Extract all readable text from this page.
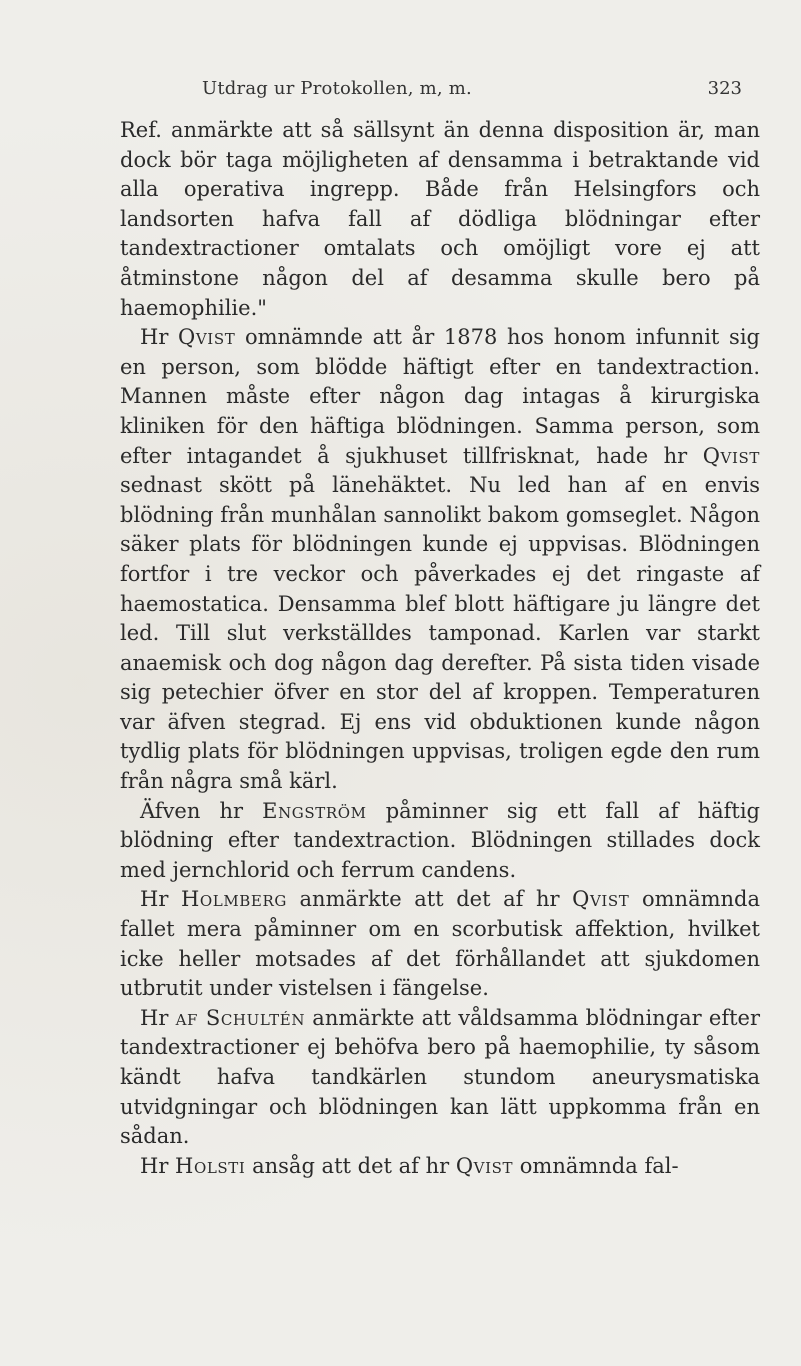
Utdrag ur Protokollen, m, m.	323

Ref. anmärkte att så sällsynt än denna disposition är, man dock bör taga möjligheten af densamma i betraktande vid alla operativa ingrepp. Både från Helsingfors och landsorten hafva fall af dödliga blödningar efter tandextractioner omtalats och omöjligt vore ej att åtminstone någon del af desamma skulle bero på haemophilie."

Hr Qvist omnämnde att år 1878 hos honom infunnit sig en person, som blödde häftigt efter en tandextraction. Mannen måste efter någon dag intagas å kirurgiska kliniken för den häftiga blödningen. Samma person, som efter intagandet å sjukhuset tillfrisknat, hade hr Qvist sednast skött på länehäktet. Nu led han af en envis blödning från munhålan sannolikt bakom gomseglet. Någon säker plats för blödningen kunde ej uppvisas. Blödningen fortfor i tre veckor och påverkades ej det ringaste af haemostatica. Densamma blef blott häftigare ju längre det led. Till slut verkställdes tamponad. Karlen var starkt anaemisk och dog någon dag derefter. På sista tiden visade sig petechier öfver en stor del af kroppen. Temperaturen var äfven stegrad. Ej ens vid obduktionen kunde någon tydlig plats för blödningen uppvisas, troligen egde den rum från några små kärl.

Äfven hr Engström påminner sig ett fall af häftig blödning efter tandextraction. Blödningen stillades dock med jernchlorid och ferrum candens.

Hr Holmberg anmärkte att det af hr Qvist omnämnda fallet mera påminner om en scorbutisk affektion, hvilket icke heller motsades af det förhållandet att sjukdomen utbrutit under vistelsen i fängelse.

Hr af Schultén anmärkte att våldsamma blödningar efter tandextractioner ej behöfva bero på haemophilie, ty såsom kändt hafva tandkärlen stundom aneurysmatiska utvidgningar och blödningen kan lätt uppkomma från en sådan.

Hr Holsti ansåg att det af hr Qvist omnämnda fal-
